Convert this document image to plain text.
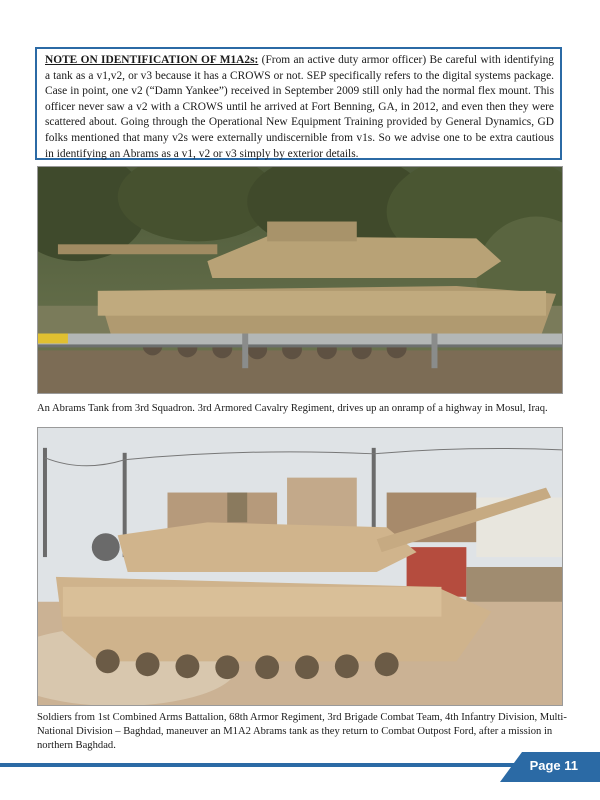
NOTE ON IDENTIFICATION OF M1A2s: (From an active duty armor officer) Be careful with identifying a tank as a v1,v2, or v3 because it has a CROWS or not. SEP specifically refers to the digital systems package. Case in point, one v2 (“Damn Yankee”) received in September 2009 still only had the normal flex mount. This officer never saw a v2 with a CROWS until he arrived at Fort Benning, GA, in 2012, and even then they were scattered about. Going through the Operational New Equipment Training provided by General Dynamics, GD folks mentioned that many v2s were externally undiscernible from v1s. So we advise one to be extra cautious in identifying an Abrams as a v1, v2 or v3 simply by exterior details.
An Abrams Tank from 3rd Squadron. 3rd Armored Cavalry Regiment, drives up an onramp of a highway in Mosul, Iraq.
Soldiers from 1st Combined Arms Battalion, 68th Armor Regiment, 3rd Brigade Combat Team, 4th Infantry Division, Multi-National Division – Baghdad, maneuver an M1A2 Abrams tank as they return to Combat Outpost Ford, after a mission in northern Baghdad.
Page 11
